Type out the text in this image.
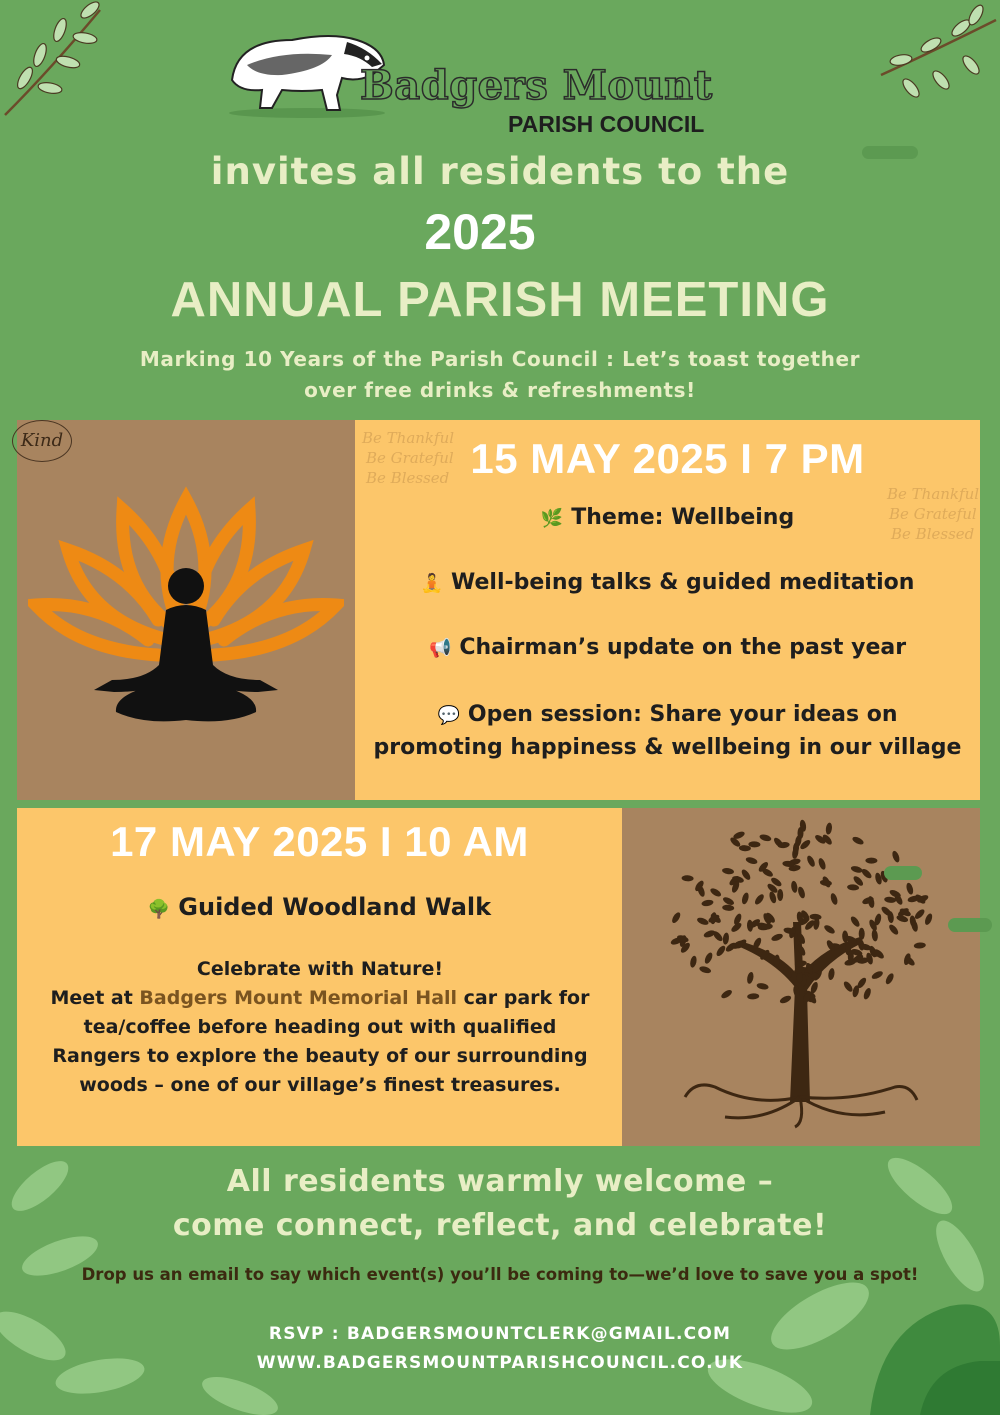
Badgers Mount
PARISH COUNCIL
invites all residents to the
2025
ANNUAL PARISH MEETING
Marking 10 Years of the Parish Council : Let’s toast together
over free drinks & refreshments!
Kind	Be Thankful
Be Grateful
Be Blessed
Be Thankful
Be Grateful
Be Blessed
15 MAY 2025 I 7 PM
🌿 Theme: Wellbeing
🧘 Well-being talks & guided meditation
📢 Chairman’s update on the past year
💬 Open session: Share your ideas on
promoting happiness & wellbeing in our village
17 MAY 2025 I 10 AM
🌳 Guided Woodland Walk
Celebrate with Nature!
Meet at Badgers Mount Memorial Hall car park for
tea/coffee before heading out with qualified
Rangers to explore the beauty of our surrounding
woods – one of our village’s finest treasures.
All residents warmly welcome –
come connect, reflect, and celebrate!
Drop us an email to say which event(s) you’ll be coming to—we’d love to save you a spot!
RSVP : BADGERSMOUNTCLERK@GMAIL.COM
WWW.BADGERSMOUNTPARISHCOUNCIL.CO.UK
